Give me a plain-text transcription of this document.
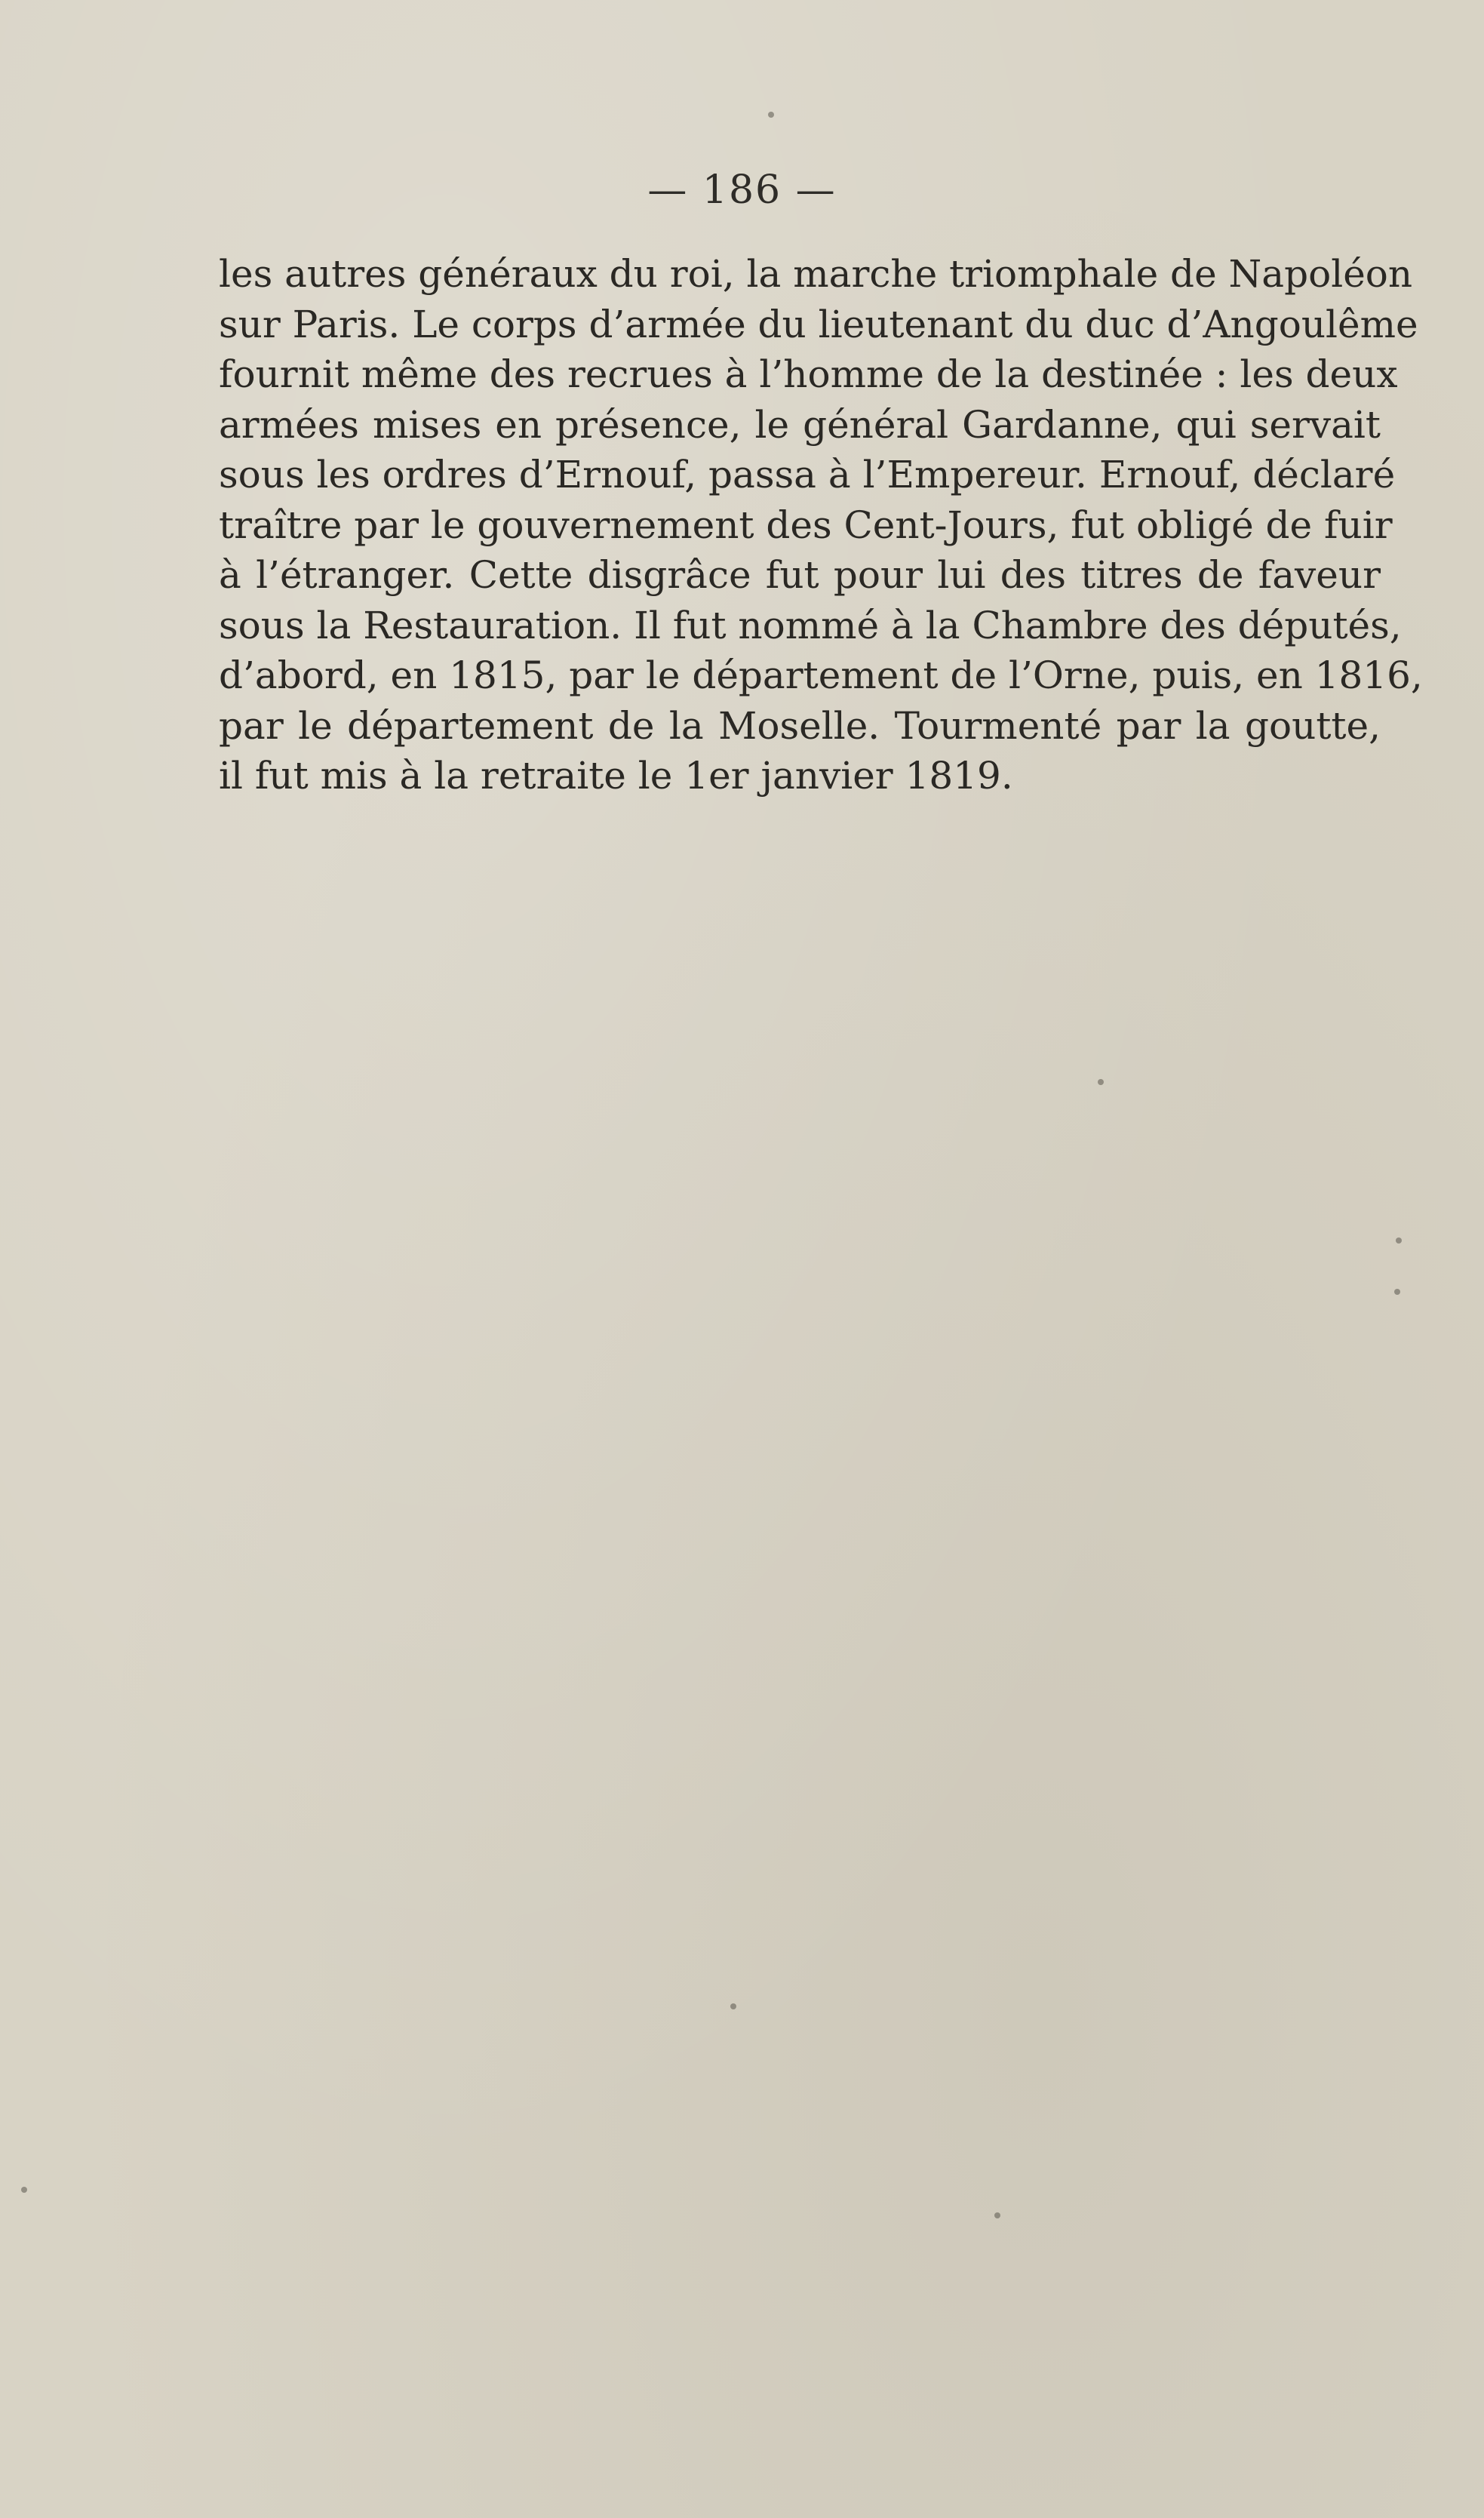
— 186 —
les autres généraux du roi, la marche triomphale de Napoléon
sur Paris. Le corps d’armée du lieutenant du duc d’Angoulême
fournit même des recrues à l’homme de la destinée : les deux
armées mises en présence, le général Gardanne, qui servait
sous les ordres d’Ernouf, passa à l’Empereur. Ernouf, déclaré
traître par le gouvernement des Cent-Jours, fut obligé de fuir
à l’étranger. Cette disgrâce fut pour lui des titres de faveur
sous la Restauration. Il fut nommé à la Chambre des députés,
d’abord, en 1815, par le département de l’Orne, puis, en 1816,
par le département de la Moselle. Tourmenté par la goutte,
il fut mis à la retraite le 1er janvier 1819.
